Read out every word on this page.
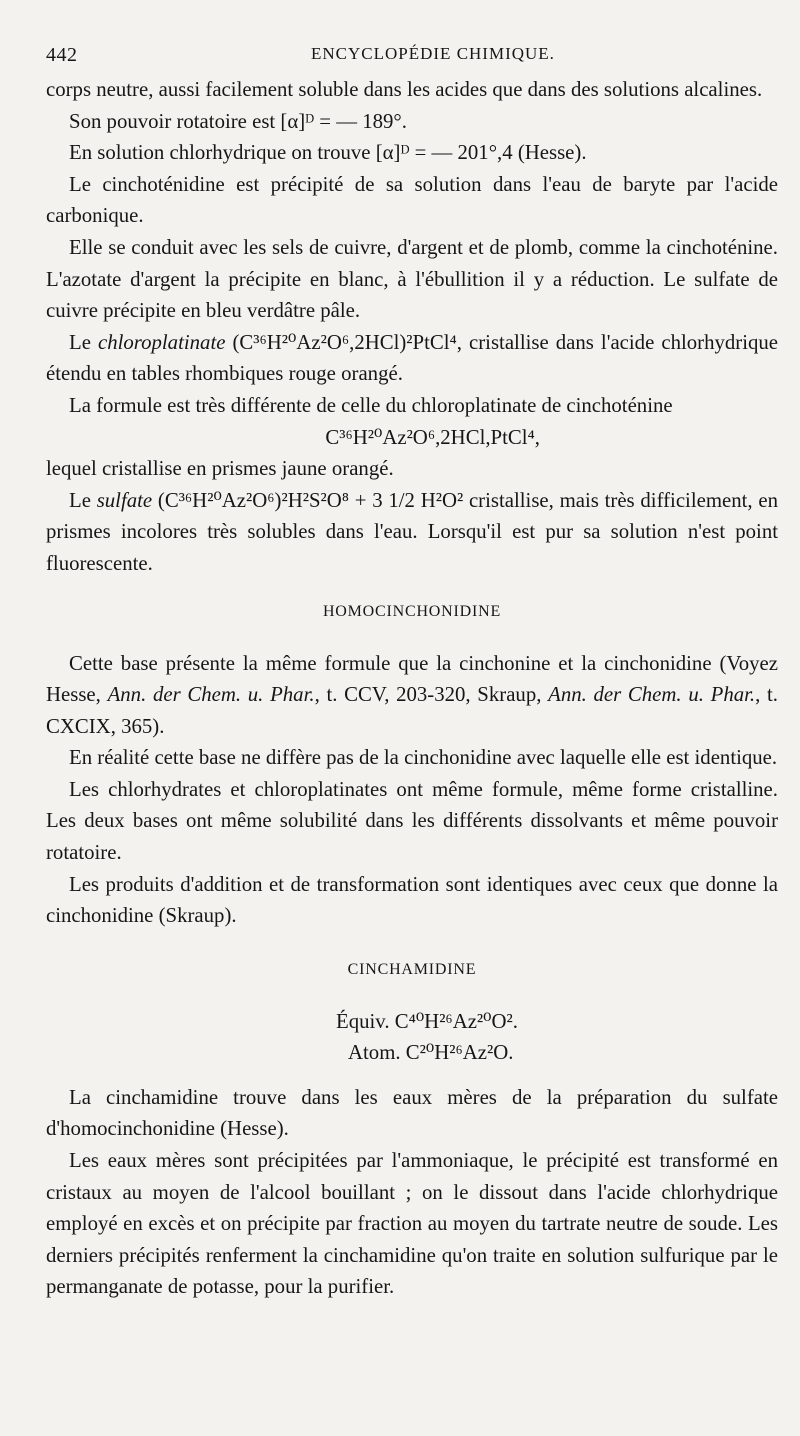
442	ENCYCLOPÉDIE CHIMIQUE.

corps neutre, aussi facilement soluble dans les acides que dans des solutions alcalines.

Son pouvoir rotatoire est [α]ᴰ = — 189°.

En solution chlorhydrique on trouve [α]ᴰ = — 201°,4 (Hesse).

Le cinchoténidine est précipité de sa solution dans l'eau de baryte par l'acide carbonique.

Elle se conduit avec les sels de cuivre, d'argent et de plomb, comme la cinchoténine. L'azotate d'argent la précipite en blanc, à l'ébullition il y a réduction. Le sulfate de cuivre précipite en bleu verdâtre pâle.

Le chloroplatinate (C³⁶H²⁰Az²O⁶,2HCl)²PtCl⁴, cristallise dans l'acide chlorhydrique étendu en tables rhombiques rouge orangé.

La formule est très différente de celle du chloroplatinate de cinchoténine

C³⁶H²⁰Az²O⁶,2HCl,PtCl⁴,

lequel cristallise en prismes jaune orangé.

Le sulfate (C³⁶H²⁰Az²O⁶)²H²S²O⁸ + 3 1/2 H²O² cristallise, mais très difficilement, en prismes incolores très solubles dans l'eau. Lorsqu'il est pur sa solution n'est point fluorescente.

HOMOCINCHONIDINE

Cette base présente la même formule que la cinchonine et la cinchonidine (Voyez Hesse, Ann. der Chem. u. Phar., t. CCV, 203-320, Skraup, Ann. der Chem. u. Phar., t. CXCIX, 365).

En réalité cette base ne diffère pas de la cinchonidine avec laquelle elle est identique.

Les chlorhydrates et chloroplatinates ont même formule, même forme cristalline. Les deux bases ont même solubilité dans les différents dissolvants et même pouvoir rotatoire.

Les produits d'addition et de transformation sont identiques avec ceux que donne la cinchonidine (Skraup).

CINCHAMIDINE
Équiv. C⁴⁰H²⁶Az²⁰O².
Atom. C²⁰H²⁶Az²O.

La cinchamidine trouve dans les eaux mères de la préparation du sulfate d'homocinchonidine (Hesse).

Les eaux mères sont précipitées par l'ammoniaque, le précipité est transformé en cristaux au moyen de l'alcool bouillant ; on le dissout dans l'acide chlorhydrique employé en excès et on précipite par fraction au moyen du tartrate neutre de soude. Les derniers précipités renferment la cinchamidine qu'on traite en solution sulfurique par le permanganate de potasse, pour la purifier.
